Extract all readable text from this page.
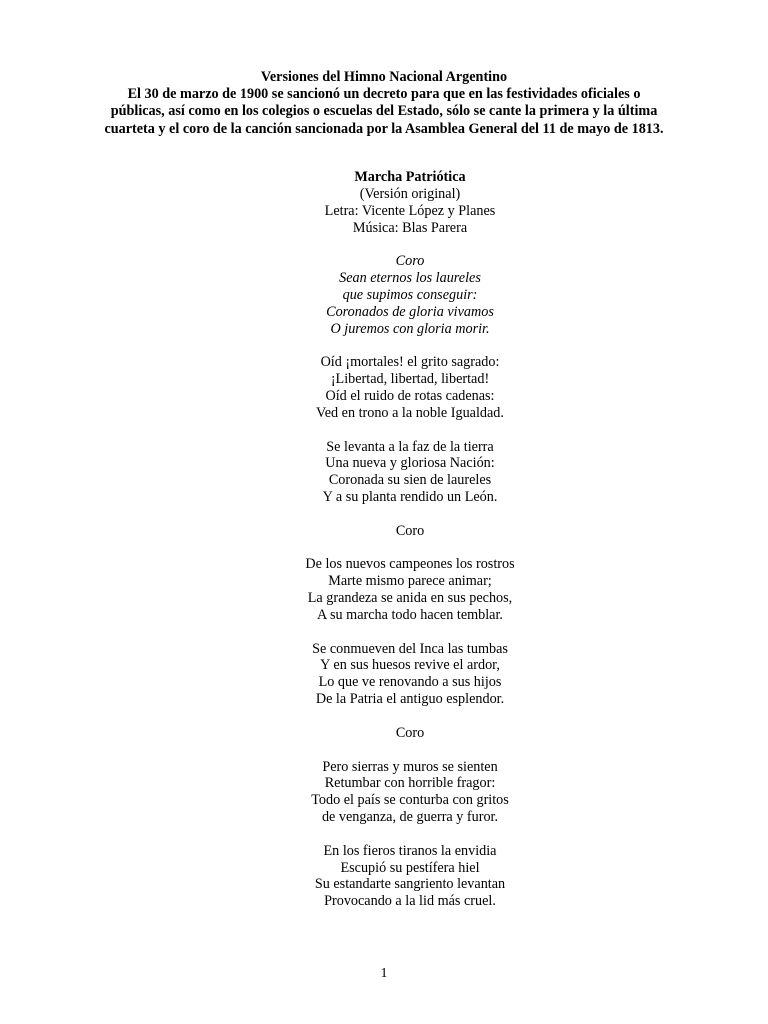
Versiones del Himno Nacional Argentino
El 30 de marzo de 1900 se sancionó un decreto para que en las festividades oficiales o públicas, así como en los colegios o escuelas del Estado, sólo se cante la primera y la última cuarteta y el coro de la canción sancionada por la Asamblea General del 11 de mayo de 1813.
Marcha Patriótica
(Versión original)
Letra: Vicente López y Planes
Música: Blas Parera
Coro
Sean eternos los laureles
que supimos conseguir:
Coronados de gloria vivamos
O juremos con gloria morir.
Oíd ¡mortales! el grito sagrado:
¡Libertad, libertad, libertad!
Oíd el ruido de rotas cadenas:
Ved en trono a la noble Igualdad.
Se levanta a la faz de la tierra
Una nueva y gloriosa Nación:
Coronada su sien de laureles
Y a su planta rendido un León.
Coro
De los nuevos campeones los rostros
Marte mismo parece animar;
La grandeza se anida en sus pechos,
A su marcha todo hacen temblar.
Se conmueven del Inca las tumbas
Y en sus huesos revive el ardor,
Lo que ve renovando a sus hijos
De la Patria el antiguo esplendor.
Coro
Pero sierras y muros se sienten
Retumbar con horrible fragor:
Todo el país se conturba con gritos
de venganza, de guerra y furor.
En los fieros tiranos la envidia
Escupió su pestífera hiel
Su estandarte sangriento levantan
Provocando a la lid más cruel.
1
